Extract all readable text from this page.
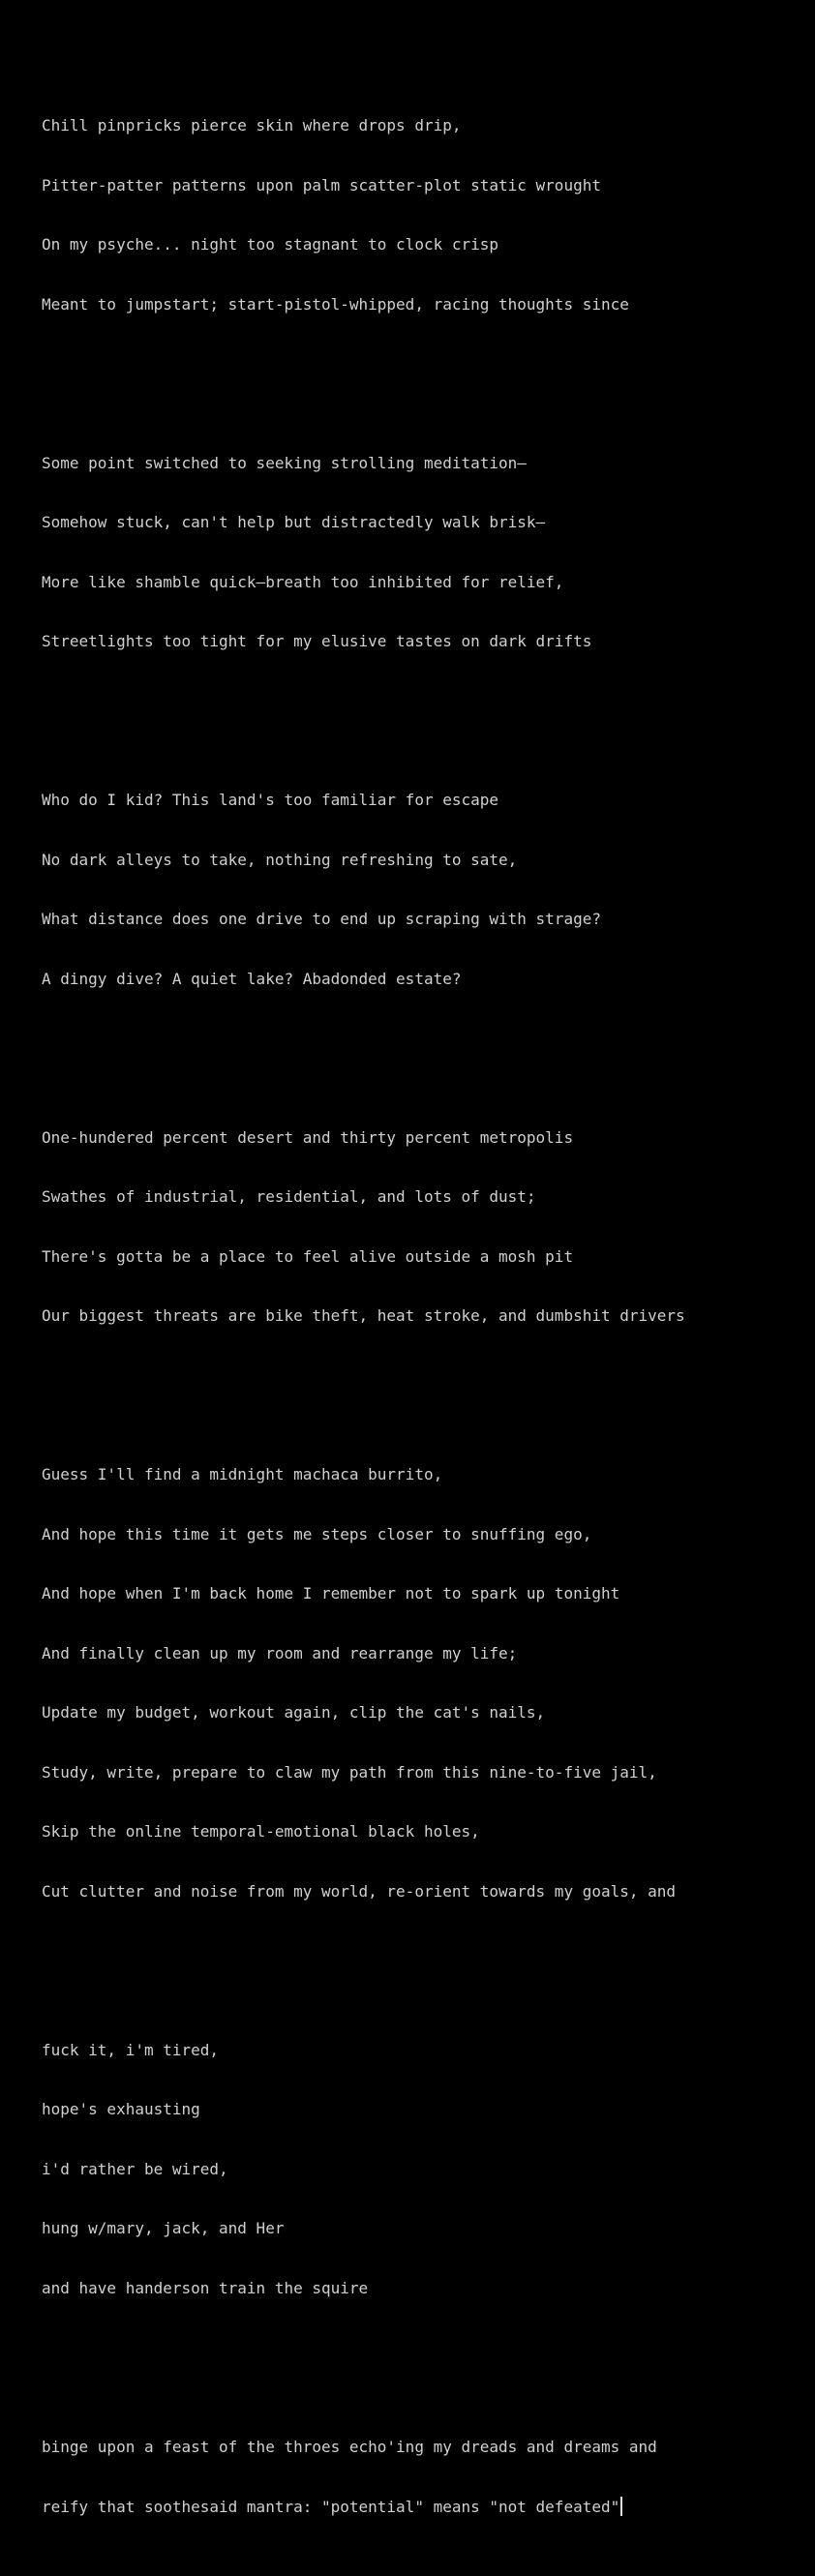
Chill pinpricks pierce skin where drops drip,

Pitter-patter patterns upon palm scatter-plot static wrought

On my psyche... night too stagnant to clock crisp

Meant to jumpstart; start-pistol-whipped, racing thoughts since

Some point switched to seeking strolling meditation—

Somehow stuck, can't help but distractedly walk brisk—

More like shamble quick—breath too inhibited for relief,

Streetlights too tight for my elusive tastes on dark drifts

Who do I kid? This land's too familiar for escape

No dark alleys to take, nothing refreshing to sate,

What distance does one drive to end up scraping with strage?

A dingy dive? A quiet lake? Abadonded estate?

One-hundered percent desert and thirty percent metropolis

Swathes of industrial, residential, and lots of dust;

There's gotta be a place to feel alive outside a mosh pit

Our biggest threats are bike theft, heat stroke, and dumbshit drivers

Guess I'll find a midnight machaca burrito,

And hope this time it gets me steps closer to snuffing ego,

And hope when I'm back home I remember not to spark up tonight

And finally clean up my room and rearrange my life;

Update my budget, workout again, clip the cat's nails,

Study, write, prepare to claw my path from this nine-to-five jail,

Skip the online temporal-emotional black holes,

Cut clutter and noise from my world, re-orient towards my goals, and

fuck it, i'm tired,

hope's exhausting

i'd rather be wired,

hung w/mary, jack, and Her

and have handerson train the squire

binge upon a feast of the throes echo'ing my dreads and dreams and

reify that soothesaid mantra: "potential" means "not defeated"
